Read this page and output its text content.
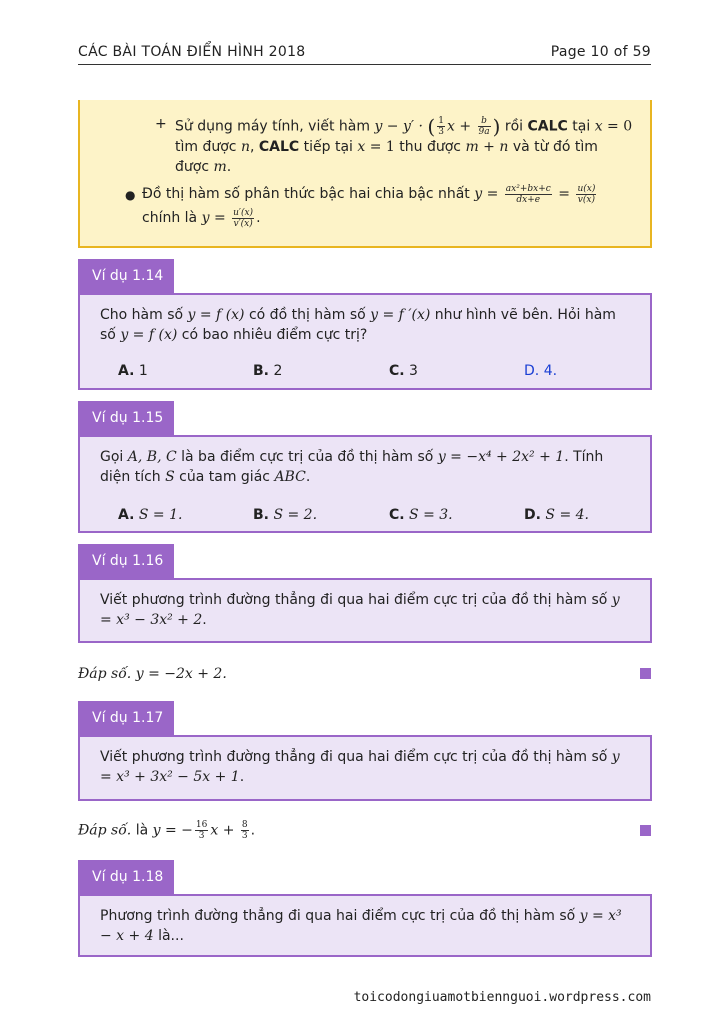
CÁC BÀI TOÁN ĐIỂN HÌNH 2018	Page 10 of 59
+ Sử dụng máy tính, viết hàm y − y′ · ( $\frac{1}{3}$ $x + \frac{b}{9a}$ ) rồi CALC tại x = 0 tìm được n, CALC tiếp tại x = 1 thu được m + n và từ đó tìm được m.
● Đồ thị hàm số phân thức bậc hai chia bậc nhất $y = \frac{\text{ax²+bx+c}}{dx+e} = \frac{u(x)}{v(x)}$

chính là $y = \frac{u'(x)}{v'(x)}$ .
Ví dụ 1.14
Cho hàm số y = f (x) có đồ thị hàm số y = f ′(x) như hình vẽ bên. Hỏi hàm số y = f (x) có bao nhiêu điểm cực trị?
A. 1	B. 2	C. 3	D. 4.
Ví dụ 1.15
Gọi A, B, C là ba điểm cực trị của đồ thị hàm số y = −x⁴ + 2x² + 1. Tính diện tích S của tam giác ABC.
A. S = 1.	B. S = 2.	C. S = 3.	D. S = 4.
Ví dụ 1.16
Viết phương trình đường thẳng đi qua hai điểm cực trị của đồ thị hàm số y = x³ − 3x² + 2.
Đáp số. y = −2x + 2.
Ví dụ 1.17
Viết phương trình đường thẳng đi qua hai điểm cực trị của đồ thị hàm số y = x³ + 3x² − 5x + 1.
Đáp số. là y = − $\frac{16}{3}$ $x + \frac{8}{3}$ .
Ví dụ 1.18
Phương trình đường thẳng đi qua hai điểm cực trị của đồ thị hàm số y = x³ − x + 4 là...
toicodongiuamotbiennguoi.wordpress.com
